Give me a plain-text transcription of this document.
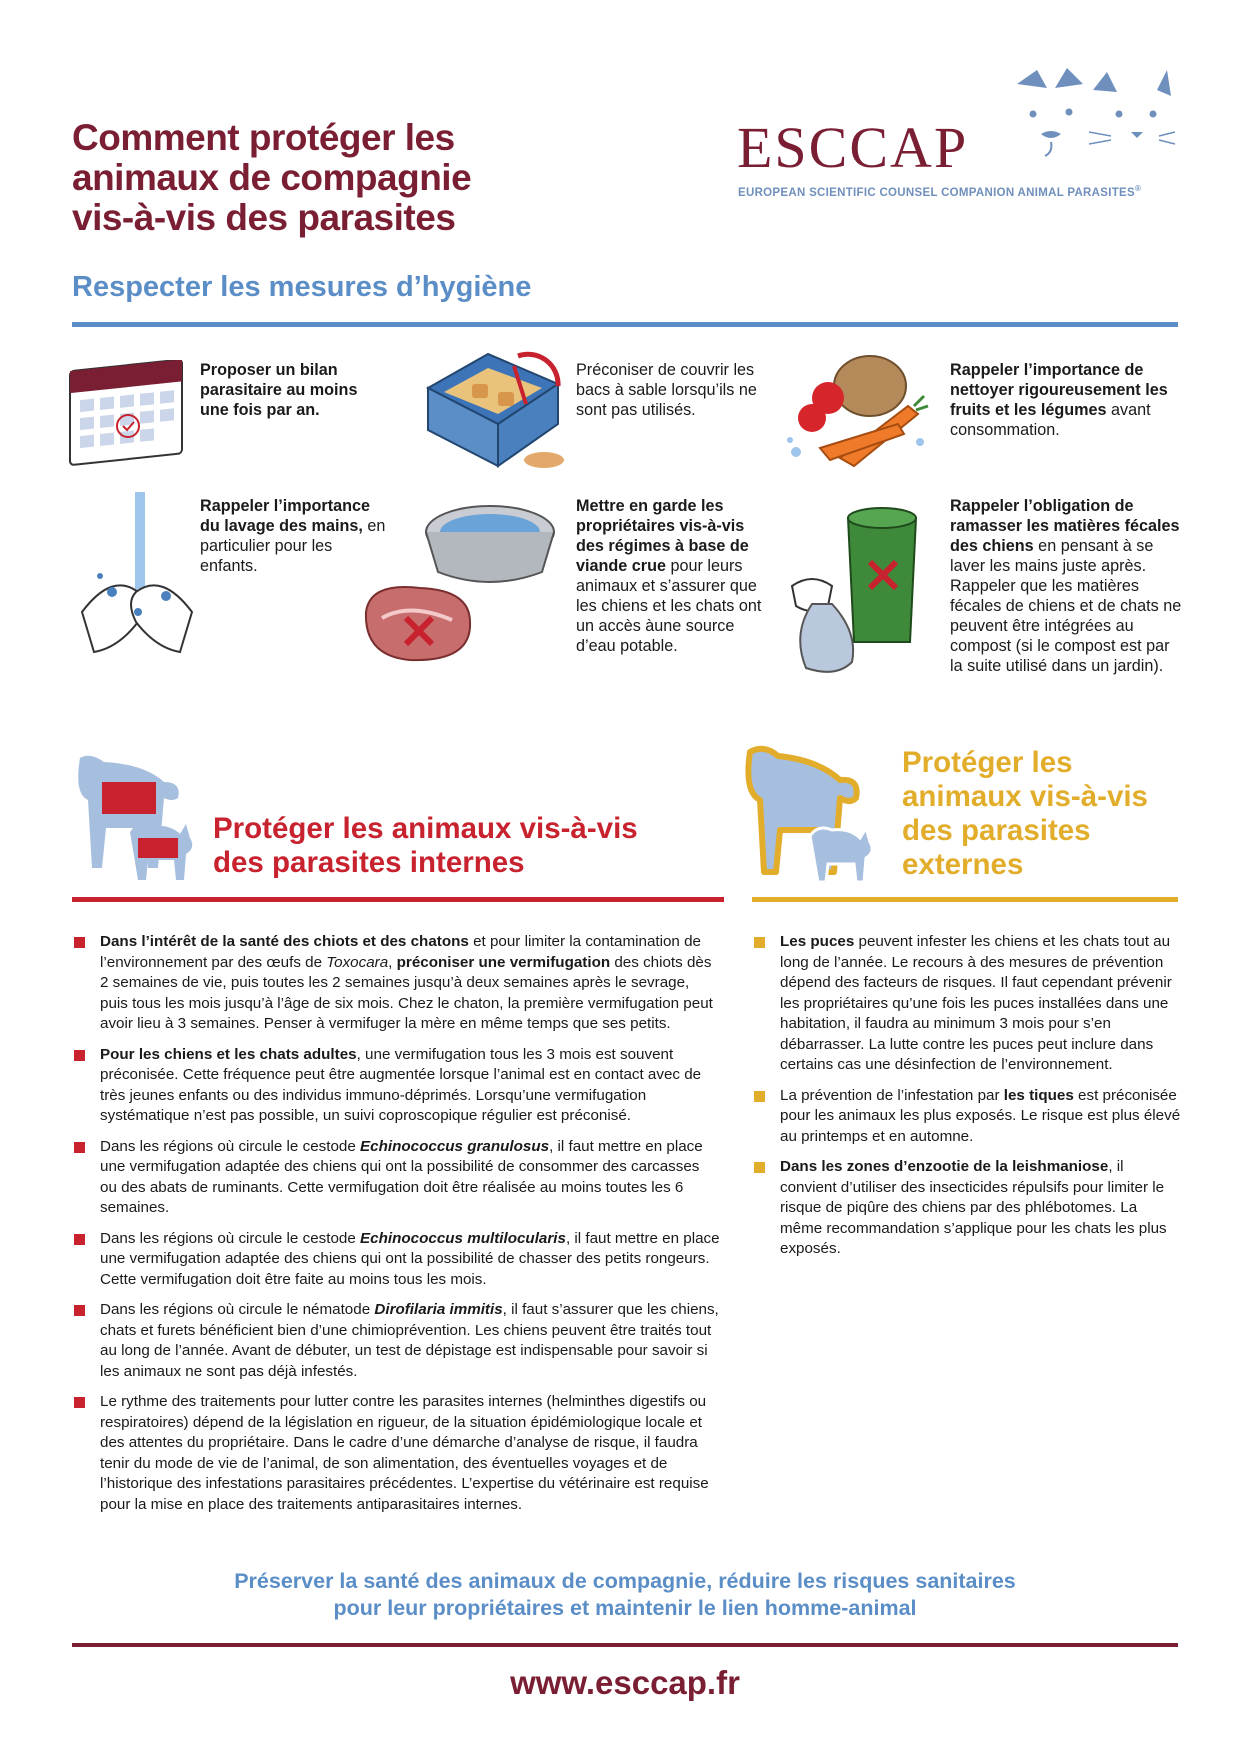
Comment protéger les
animaux de compagnie
vis-à-vis des parasites
ESCCAP
EUROPEAN SCIENTIFIC COUNSEL COMPANION ANIMAL PARASITES®
Respecter les mesures d’hygiène
Proposer un bilan parasitaire au moins une fois par an.
Préconiser de couvrir les bacs à sable lorsqu’ils ne sont pas utilisés.
Rappeler l’importance de nettoyer rigoureusement les fruits et les légumes avant consommation.
Rappeler l’importance du lavage des mains, en particulier pour les enfants.
Mettre en garde les propriétaires vis-à-vis des régimes à base de viande crue pour leurs animaux et s’assurer que les chiens et les chats ont un accès àune source d’eau potable.
Rappeler l’obligation de ramasser les matières fécales des chiens en pensant à se laver les mains juste après. Rappeler que les matières fécales de chiens et de chats ne peuvent être intégrées au compost (si le compost est par la suite utilisé dans un jardin).
Protéger les animaux vis-à-vis
des parasites internes
Protéger les
animaux vis-à-vis
des parasites
externes
Dans l’intérêt de la santé des chiots et des chatons et pour limiter la contamination de l’environnement par des œufs de Toxocara, préconiser une vermifugation des chiots dès 2 semaines de vie, puis toutes les 2 semaines jusqu’à deux semaines après le sevrage, puis tous les mois jusqu’à l’âge de six mois. Chez le chaton, la première vermifugation peut avoir lieu à 3 semaines. Penser à vermifuger la mère en même temps que ses petits.
Pour les chiens et les chats adultes, une vermifugation tous les 3 mois est souvent préconisée. Cette fréquence peut être augmentée lorsque l’animal est en contact avec de très jeunes enfants ou des individus immuno-déprimés. Lorsqu’une vermifugation systématique n’est pas possible, un suivi coproscopique régulier est préconisé.
Dans les régions où circule le cestode Echinococcus granulosus, il faut mettre en place une vermifugation adaptée des chiens qui ont la possibilité de consommer des carcasses ou des abats de ruminants. Cette vermifugation doit être réalisée au moins toutes les 6 semaines.
Dans les régions où circule le cestode Echinococcus multilocularis, il faut mettre en place une vermifugation adaptée des chiens qui ont la possibilité de chasser des petits rongeurs. Cette vermifugation doit être faite au moins tous les mois.
Dans les régions où circule le nématode Dirofilaria immitis, il faut s’assurer que les chiens, chats et furets bénéficient bien d’une chimioprévention. Les chiens peuvent être traités tout au long de l’année. Avant de débuter, un test de dépistage est indispensable pour savoir si les animaux ne sont pas déjà infestés.
Le rythme des traitements pour lutter contre les parasites internes (helminthes digestifs ou respiratoires) dépend de la législation en rigueur, de la situation épidémiologique locale et des attentes du propriétaire. Dans le cadre d’une démarche d’analyse de risque, il faudra tenir du mode de vie de l’animal, de son alimentation, des éventuelles voyages et de l’historique des infestations parasitaires précédentes. L’expertise du vétérinaire est requise pour la mise en place des traitements antiparasitaires internes.
Les puces peuvent infester les chiens et les chats tout au long de l’année. Le recours à des mesures de prévention dépend des facteurs de risques. Il faut cependant prévenir les propriétaires qu’une fois les puces installées dans une habitation, il faudra au minimum 3 mois pour s’en débarrasser. La lutte contre les puces peut inclure dans certains cas une désinfection de l’environnement.
La prévention de l’infestation par les tiques est préconisée pour les animaux les plus exposés. Le risque est plus élevé au printemps et en automne.
Dans les zones d’enzootie de la leishmaniose, il convient d’utiliser des insecticides répulsifs pour limiter le risque de piqûre des chiens par des phlébotomes. La même recommandation s’applique pour les chats les plus exposés.
Préserver la santé des animaux de compagnie, réduire les risques sanitaires
pour leur propriétaires et maintenir le lien homme-animal
www.esccap.fr
